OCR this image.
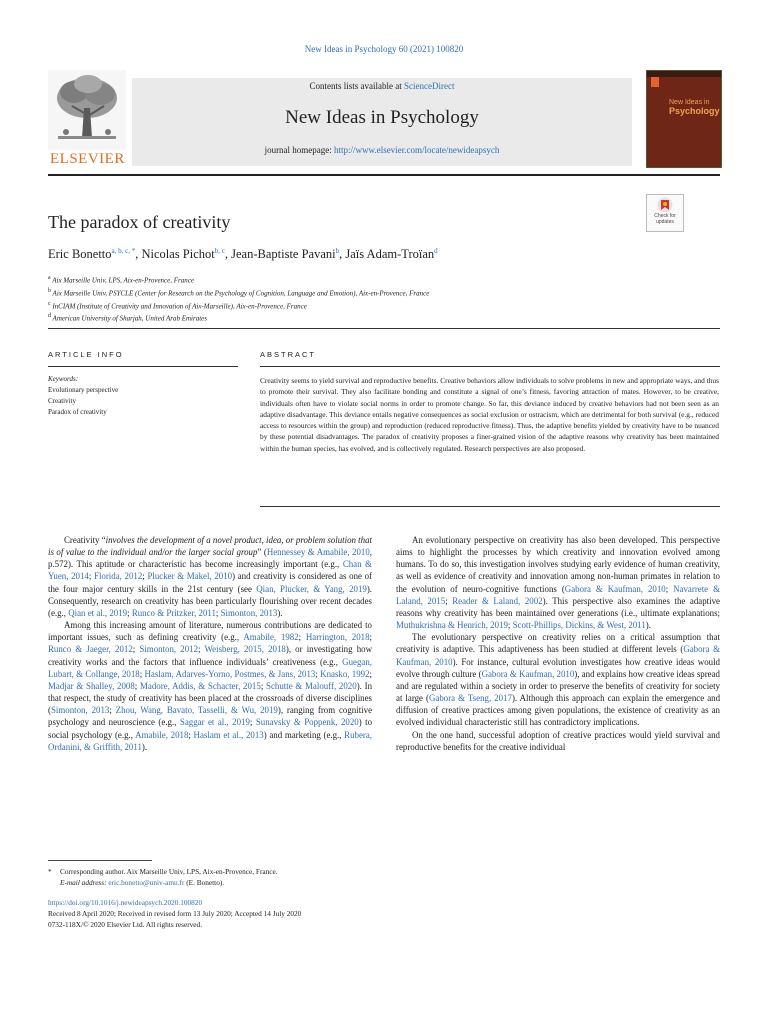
New Ideas in Psychology 60 (2021) 100820
ELSEVIER
Contents lists available at ScienceDirect
New Ideas in Psychology
journal homepage: http://www.elsevier.com/locate/newideapsych
New Ideas in
Psychology
The paradox of creativity	Check for updates
Eric Bonetto$^{a, b, c, *}$, Nicolas Pichot$^{b, c}$, Jean-Baptiste Pavani$^b$, Jaïs Adam-Troïan$^d$
$^a$ Aix Marseille Univ, LPS, Aix-en-Provence, France
$^b$ Aix Marseille Univ, PSYCLE (Center for Research on the Psychology of Cognition, Language and Emotion), Aix-en-Provence, France
$^c$ InCIAM (Institute of Creativity and Innovation of Aix-Marseille), Aix-en-Provence, France
$^d$ American University of Sharjah, United Arab Emirates
ARTICLE INFO	ABSTRACT
Keywords:
Evolutionary perspective
Creativity
Paradox of creativity
Creativity seems to yield survival and reproductive benefits. Creative behaviors allow individuals to solve problems in new and appropriate ways, and thus to promote their survival. They also facilitate bonding and constitute a signal of one’s fitness, favoring attraction of mates. However, to be creative, individuals often have to violate social norms in order to promote change. So far, this deviance induced by creative behaviors had not been seen as an adaptive disadvantage. This deviance entails negative consequences as social exclusion or ostracism, which are detrimental for both survival (e.g., reduced access to resources within the group) and reproduction (reduced reproductive fitness). Thus, the adaptive benefits yielded by creativity have to be nuanced by these potential disadvantages. The paradox of creativity proposes a finer-grained vision of the adaptive reasons why creativity has been maintained within the human species, has evolved, and is collectively regulated. Research perspectives are also proposed.

Creativity “involves the development of a novel product, idea, or problem solution that is of value to the individual and/or the larger social group” (Hennessey & Amabile, 2010, p.572). This aptitude or characteristic has become increasingly important (e.g., Chan & Yuen, 2014; Florida, 2012; Plucker & Makel, 2010) and creativity is considered as one of the four major century skills in the 21st century (see Qian, Plucker, & Yang, 2019). Consequently, research on creativity has been particularly flourishing over recent decades (e.g., Qian et al., 2019; Runco & Pritzker, 2011; Simonton, 2013).

Among this increasing amount of literature, numerous contributions are dedicated to important issues, such as defining creativity (e.g., Amabile, 1982; Harrington, 2018; Runco & Jaeger, 2012; Simonton, 2012; Weisberg, 2015, 2018), or investigating how creativity works and the factors that influence individuals’ creativeness (e.g., Guegan, Lubart, & Collange, 2018; Haslam, Adarves-Yorno, Postmes, & Jans, 2013; Knasko, 1992; Madjar & Shalley, 2008; Madore, Addis, & Schacter, 2015; Schutte & Malouff, 2020). In that respect, the study of creativity has been placed at the crossroads of diverse disciplines (Simonton, 2013; Zhou, Wang, Bavato, Tasselli, & Wu, 2019), ranging from cognitive psychology and neuroscience (e.g., Saggar et al., 2019; Sunavsky & Poppenk, 2020) to social psychology (e.g., Amabile, 2018; Haslam et al., 2013) and marketing (e.g., Rubera, Ordanini, & Griffith, 2011).

An evolutionary perspective on creativity has also been developed. This perspective aims to highlight the processes by which creativity and innovation evolved among humans. To do so, this investigation involves studying early evidence of human creativity, as well as evidence of creativity and innovation among non-human primates in relation to the evolution of neuro-cognitive functions (Gabora & Kaufman, 2010; Navarrete & Laland, 2015; Reader & Laland, 2002). This perspective also examines the adaptive reasons why creativity has been maintained over generations (i.e., ultimate explanations; Muthukrishna & Henrich, 2019; Scott-Phillips, Dickins, & West, 2011).

The evolutionary perspective on creativity relies on a critical assumption that creativity is adaptive. This adaptiveness has been studied at different levels (Gabora & Kaufman, 2010). For instance, cultural evolution investigates how creative ideas would evolve through culture (Gabora & Kaufman, 2010), and explains how creative ideas spread and are regulated within a society in order to preserve the benefits of creativity for society at large (Gabora & Tseng, 2017). Although this approach can explain the emergence and diffusion of creative practices among given populations, the existence of creativity as an evolved individual characteristic still has contradictory implications.

On the one hand, successful adoption of creative practices would yield survival and reproductive benefits for the creative individual

* Corresponding author. Aix Marseille Univ, LPS, Aix-en-Provence, France.
E-mail address: eric.bonetto@univ-amu.fr (E. Bonetto).
https://doi.org/10.1016/j.newideapsych.2020.100820
Received 8 April 2020; Received in revised form 13 July 2020; Accepted 14 July 2020
0732-118X/© 2020 Elsevier Ltd. All rights reserved.
